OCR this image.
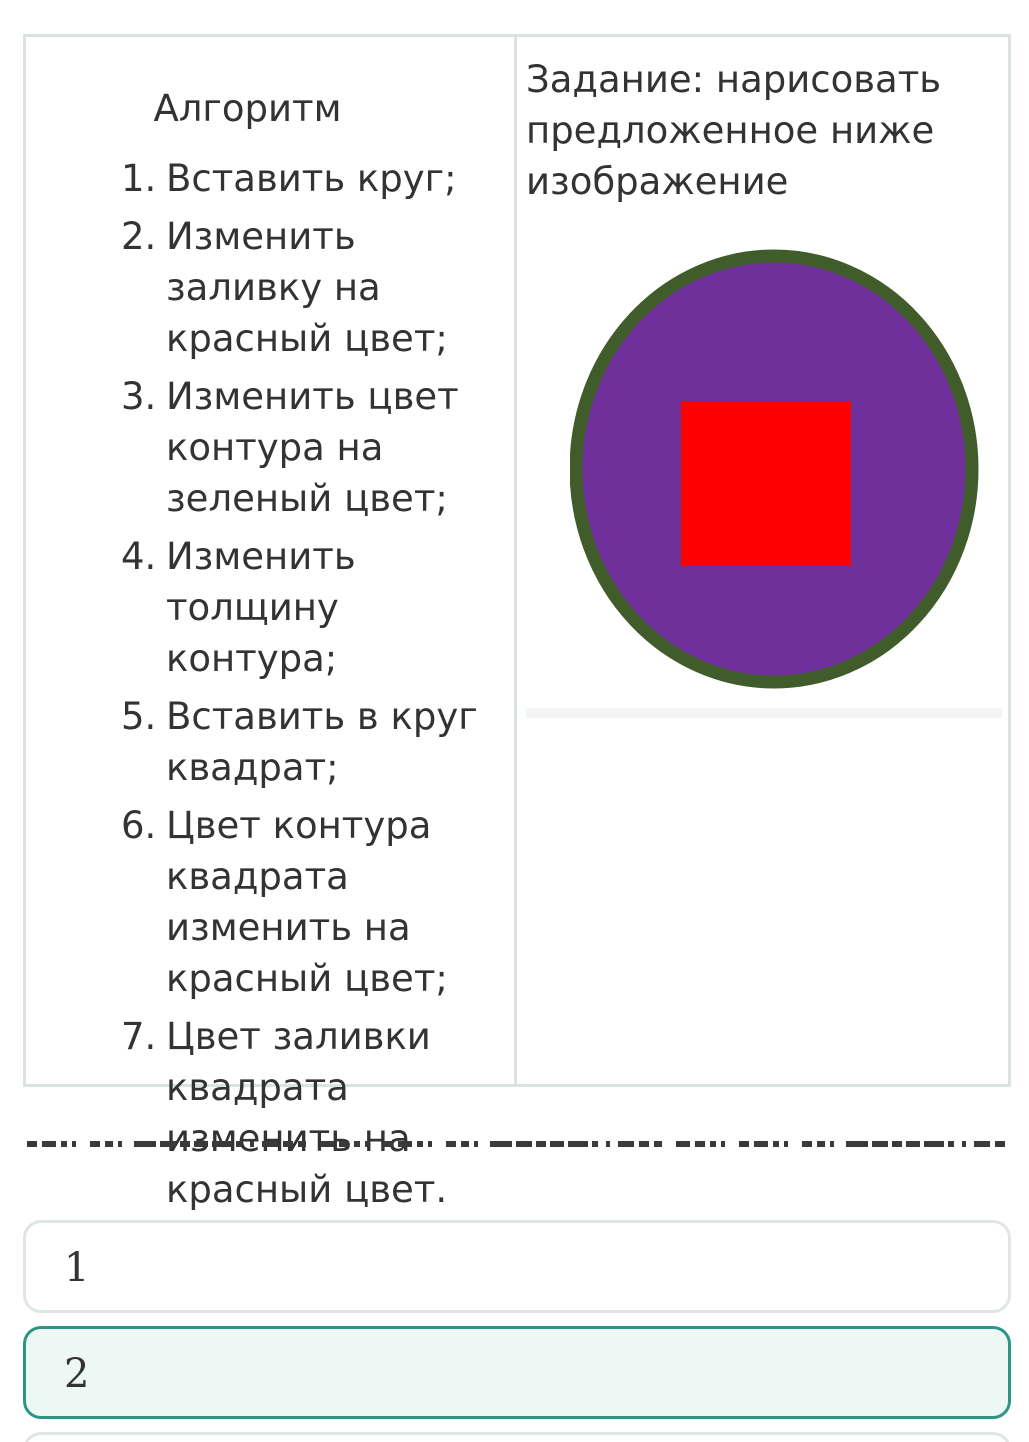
Алгоритм
1. Вставить круг;
2. Изменить заливку на красный цвет;
3. Изменить цвет контура на зеленый цвет;
4. Изменить толщину контура;
5. Вставить в круг квадрат;
6. Цвет контура квадрата изменить на красный цвет;
7. Цвет заливки квадрата изменить на красный цвет.
Задание: нарисовать предложенное ниже изображение
1
2
